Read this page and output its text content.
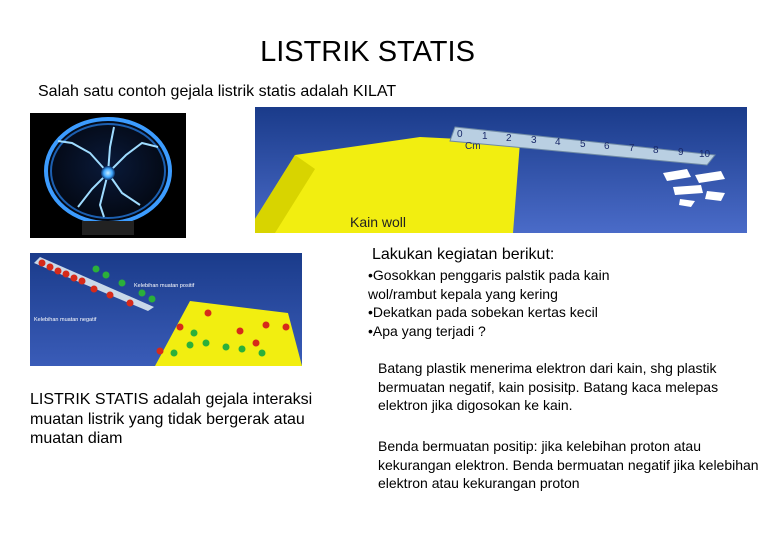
LISTRIK STATIS
Salah satu contoh gejala listrik statis adalah KILAT
0 1 2 3 4 5 6 7 8 9 10
Cm
Kain woll
Kelebihan muatan positif
Kelebihan muatan negatif
Lakukan kegiatan berikut:
•Gosokkan penggaris palstik pada kain wol/rambut kepala yang kering
•Dekatkan pada sobekan kertas kecil
•Apa yang terjadi ?
LISTRIK STATIS adalah gejala interaksi muatan listrik yang tidak bergerak atau muatan diam

Batang plastik menerima elektron dari kain, shg plastik bermuatan negatif, kain posisitp. Batang kaca melepas elektron jika digosokan ke kain.

Benda bermuatan positip: jika kelebihan proton atau kekurangan elektron. Benda bermuatan negatif jika kelebihan elektron atau kekurangan proton
